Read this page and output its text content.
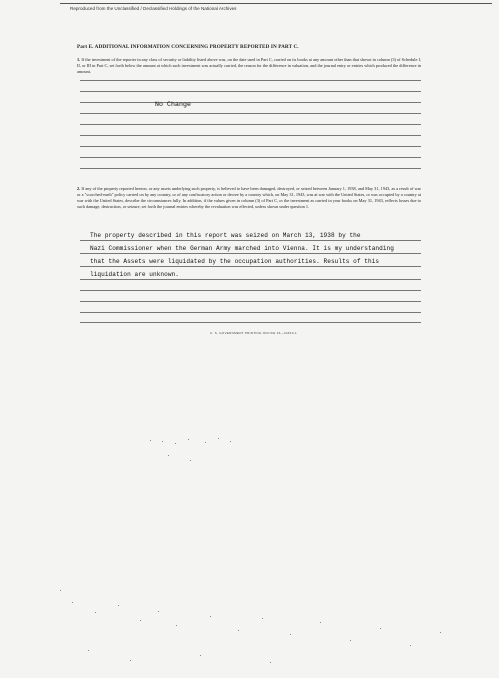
Reproduced from the Unclassified / Declassified Holdings of the National Archives
Part E. ADDITIONAL INFORMATION CONCERNING PROPERTY REPORTED IN PART C.
1. If the investment of the reporter in any class of security or liability listed above was, on the date used in Part C, carried on its books at any amount other than that shown in column (3) of Schedule I, II, or III in Part C, set forth below the amount at which such investment was actually carried, the reason for the difference in valuation, and the journal entry or entries which produced the difference in amount.
No Change
2. If any of the property reported hereon, or any assets underlying such property, is believed to have been damaged, destroyed, or seized between January 1, 1938, and May 31, 1943, as a result of war or a "scorched-earth" policy carried on by any country, or of any confiscatory action or decree by a country which, on May 31, 1943, was at war with the United States, or was occupied by a country at war with the United States, describe the circumstances fully. In addition, if the values given in column (3) of Part C, or the investment as carried in your books on May 31, 1943, reflects losses due to such damage, destruction, or seizure, set forth the journal entries whereby the revaluation was effected, unless shown under question 1.
The property described in this report was seized on March 13, 1938 by the
Nazi Commissioner when the German Army marched into Vienna. It is my understanding
that the Assets were liquidated by the occupation authorities. Results of this
liquidation are unknown.
U. S. GOVERNMENT PRINTING OFFICE 16—34610-1
